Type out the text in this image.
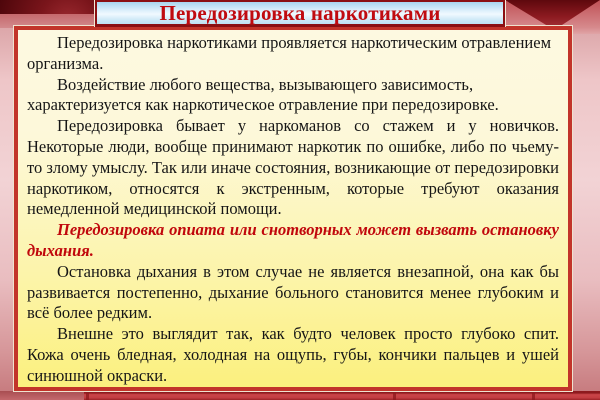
Передозировка наркотиками

Передозировка наркотиками проявляется наркотическим отравлением организма.

Воздействие любого вещества, вызывающего зависимость, характеризуется как наркотическое отравление при передозировке.

Передозировка бывает у наркоманов со стажем и у новичков. Некоторые люди, вообще принимают наркотик по ошибке, либо по чьему-то злому умыслу. Так или иначе состояния, возникающие от передозировки наркотиком, относятся к экстренным, которые требуют оказания немедленной медицинской помощи.

Передозировка опиата или снотворных может вызвать остановку дыхания.

Остановка дыхания в этом случае не является внезапной, она как бы развивается постепенно, дыхание больного становится менее глубоким и всё более редким.

Внешне это выглядит так, как будто человек просто глубоко спит. Кожа очень бледная, холодная на ощупь, губы, кончики пальцев и ушей синюшной окраски.
